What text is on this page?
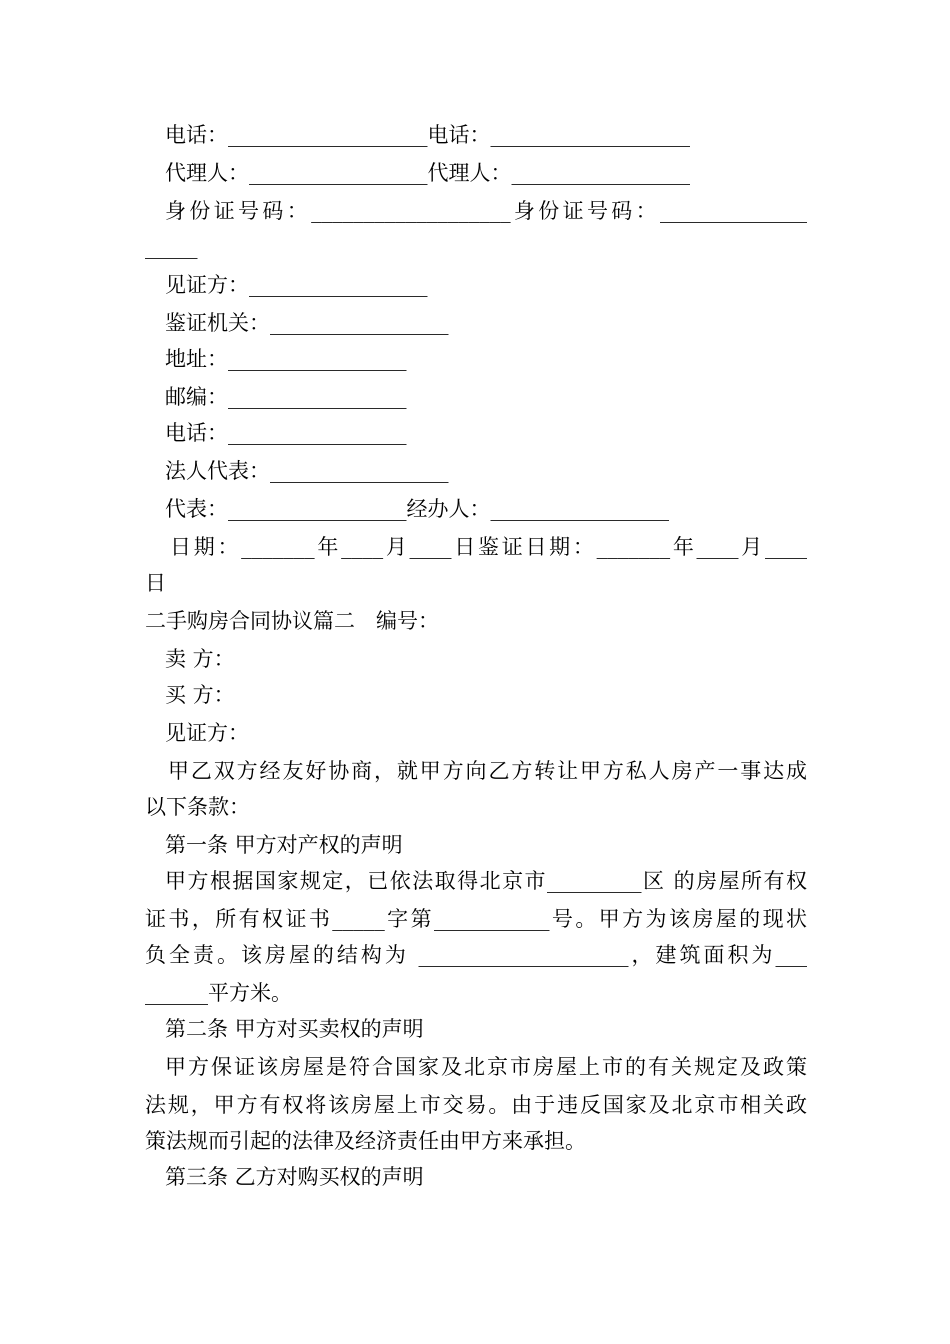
电话：___________________电话：___________________
代理人：_________________代理人：_________________
身份证号码：___________________身份证号码：______________
_____
见证方：_________________
鉴证机关：_________________
地址：_________________
邮编：_________________
电话：_________________
法人代表：_________________
代表：_________________经办人：_________________
日期：_______年____月____日鉴证日期：_______年____月____
日
二手购房合同协议篇二　编号：
卖 方：
买 方：
见证方：
甲乙双方经友好协商，就甲方向乙方转让甲方私人房产一事达成
以下条款：
第一条 甲方对产权的声明
甲方根据国家规定，已依法取得北京市_________区 的房屋所有权
证书，所有权证书_____字第___________号。甲方为该房屋的现状
负全责。该房屋的结构为 ____________________，建筑面积为___
______平方米。
第二条 甲方对买卖权的声明
甲方保证该房屋是符合国家及北京市房屋上市的有关规定及政策
法规，甲方有权将该房屋上市交易。由于违反国家及北京市相关政
策法规而引起的法律及经济责任由甲方来承担。
第三条 乙方对购买权的声明
